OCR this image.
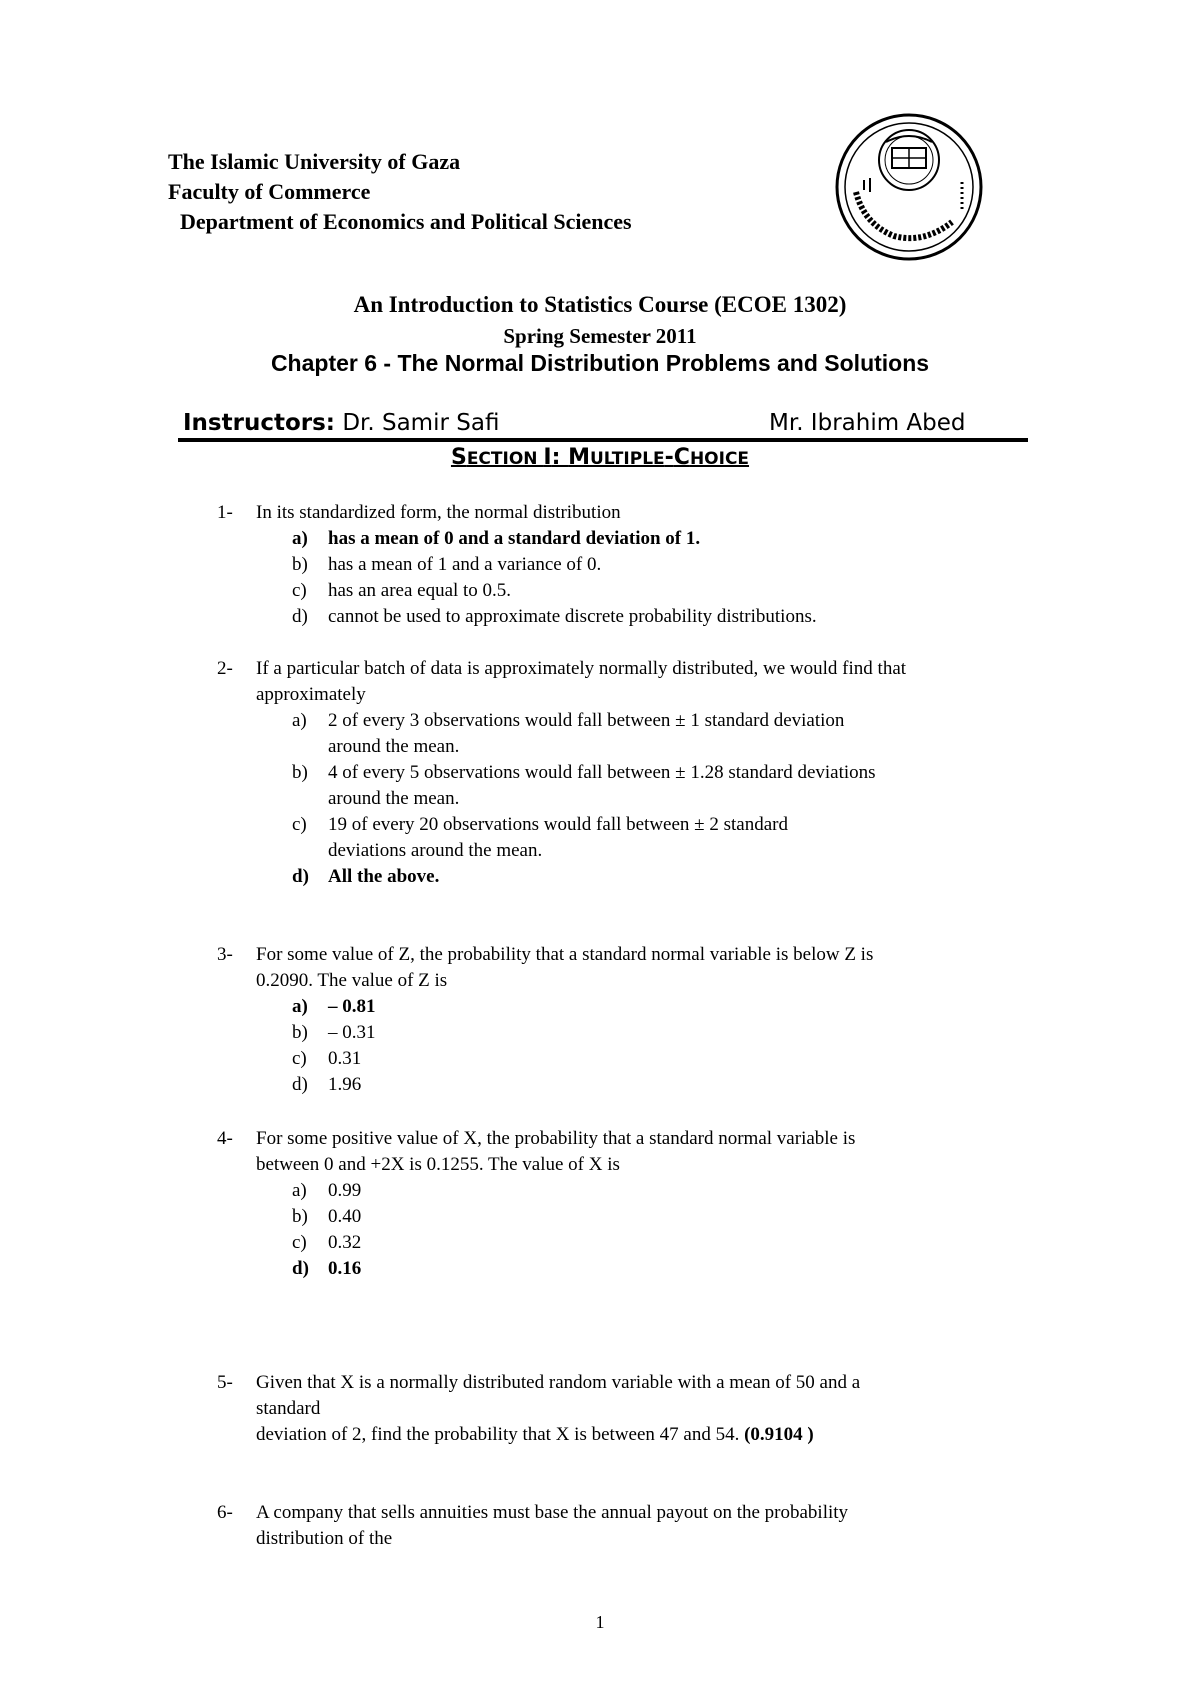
The Islamic University of Gaza
Faculty of Commerce
Department of Economics and Political Sciences
An Introduction to Statistics Course (ECOE 1302)
Spring Semester 2011
Chapter 6 - The Normal Distribution Problems and Solutions
Instructors: Dr. Samir Safi	Mr. Ibrahim Abed
SECTION I: MULTIPLE-CHOICE
1- In its standardized form, the normal distribution
a)	has a mean of 0 and a standard deviation of 1.
b)	has a mean of 1 and a variance of 0.
c)	has an area equal to 0.5.
d)	cannot be used to approximate discrete probability distributions.
2- If a particular batch of data is approximately normally distributed, we would find that
approximately
a)	2 of every 3 observations would fall between ± 1 standard deviation
around the mean.
b)	4 of every 5 observations would fall between ± 1.28 standard deviations
around the mean.
c)	19 of every 20 observations would fall between ± 2 standard
deviations around the mean.
d)	All the above.
3- For some value of Z, the probability that a standard normal variable is below Z is
0.2090. The value of Z is
a)	– 0.81
b)	– 0.31
c)	0.31
d)	1.96
4- For some positive value of X, the probability that a standard normal variable is
between 0 and +2X is 0.1255. The value of X is
a)	0.99
b)	0.40
c)	0.32
d)	0.16
5- Given that X is a normally distributed random variable with a mean of 50 and a
standard
deviation of 2, find the probability that X is between 47 and 54. (0.9104 )
6- A company that sells annuities must base the annual payout on the probability
distribution of the
1
